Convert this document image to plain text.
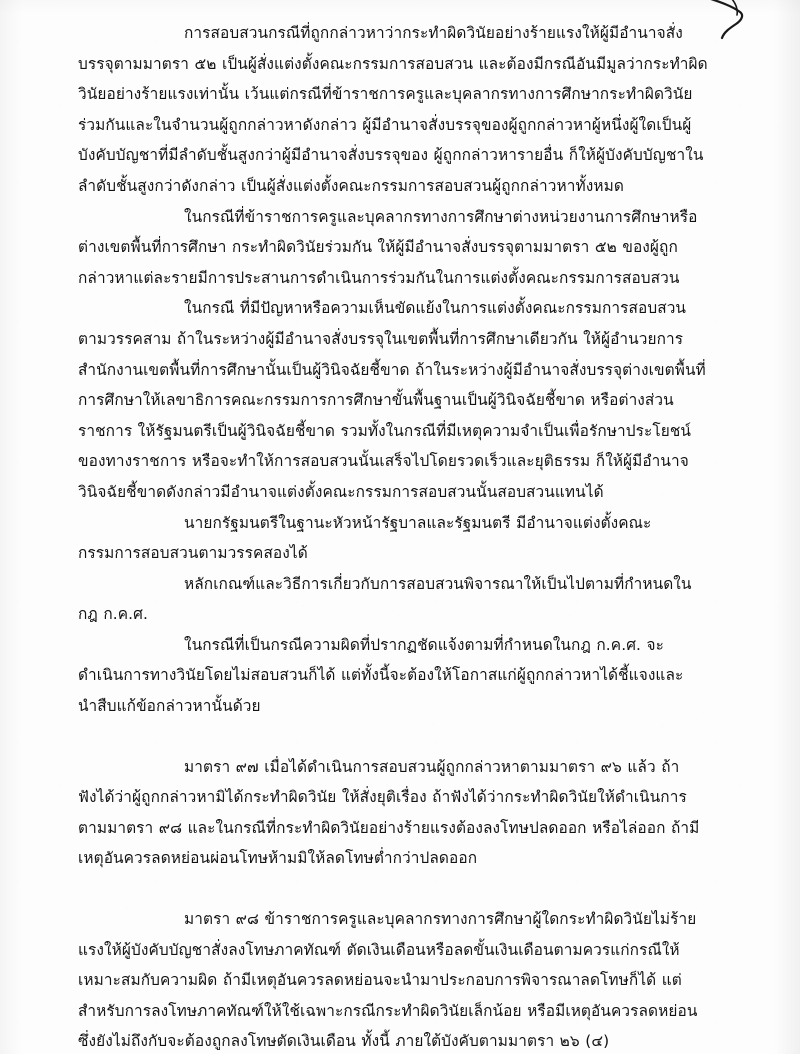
การสอบสวนกรณีที่ถูกกล่าวหาว่ากระทำผิดวินัยอย่างร้ายแรงให้ผู้มีอำนาจสั่งบรรจุตามมาตรา ๕๒ เป็นผู้สั่งแต่งตั้งคณะกรรมการสอบสวน และต้องมีกรณีอันมีมูลว่ากระทำผิดวินัยอย่างร้ายแรงเท่านั้น เว้นแต่กรณีที่ข้าราชการครูและบุคลากรทางการศึกษากระทำผิดวินัยร่วมกันและในจำนวนผู้ถูกกล่าวหาดังกล่าว ผู้มีอำนาจสั่งบรรจุของผู้ถูกกล่าวหาผู้หนึ่งผู้ใดเป็นผู้บังคับบัญชาที่มีลำดับชั้นสูงกว่าผู้มีอำนาจสั่งบรรจุของ ผู้ถูกกล่าวหารายอื่น ก็ให้ผู้บังคับบัญชาในลำดับชั้นสูงกว่าดังกล่าว เป็นผู้สั่งแต่งตั้งคณะกรรมการสอบสวนผู้ถูกกล่าวหาทั้งหมด

ในกรณีที่ข้าราชการครูและบุคลากรทางการศึกษาต่างหน่วยงานการศึกษาหรือต่างเขตพื้นที่การศึกษา กระทำผิดวินัยร่วมกัน ให้ผู้มีอำนาจสั่งบรรจุตามมาตรา ๕๒ ของผู้ถูกกล่าวหาแต่ละรายมีการประสานการดำเนินการร่วมกันในการแต่งตั้งคณะกรรมการสอบสวน

ในกรณี ที่มีปัญหาหรือความเห็นขัดแย้งในการแต่งตั้งคณะกรรมการสอบสวนตามวรรคสาม ถ้าในระหว่างผู้มีอำนาจสั่งบรรจุในเขตพื้นที่การศึกษาเดียวกัน ให้ผู้อำนวยการสำนักงานเขตพื้นที่การศึกษานั้นเป็นผู้วินิจฉัยชี้ขาด ถ้าในระหว่างผู้มีอำนาจสั่งบรรจุต่างเขตพื้นที่การศึกษาให้เลขาธิการคณะกรรมการการศึกษาขั้นพื้นฐานเป็นผู้วินิจฉัยชี้ขาด หรือต่างส่วนราชการ ให้รัฐมนตรีเป็นผู้วินิจฉัยชี้ขาด รวมทั้งในกรณีที่มีเหตุความจำเป็นเพื่อรักษาประโยชน์ของทางราชการ หรือจะทำให้การสอบสวนนั้นเสร็จไปโดยรวดเร็วและยุติธรรม ก็ให้ผู้มีอำนาจวินิจฉัยชี้ขาดดังกล่าวมีอำนาจแต่งตั้งคณะกรรมการสอบสวนนั้นสอบสวนแทนได้

นายกรัฐมนตรีในฐานะหัวหน้ารัฐบาลและรัฐมนตรี มีอำนาจแต่งตั้งคณะกรรมการสอบสวนตามวรรคสองได้

หลักเกณฑ์และวิธีการเกี่ยวกับการสอบสวนพิจารณาให้เป็นไปตามที่กำหนดในกฎ ก.ค.ศ.

ในกรณีที่เป็นกรณีความผิดที่ปรากฏชัดแจ้งตามที่กำหนดในกฎ ก.ค.ศ. จะดำเนินการทางวินัยโดยไม่สอบสวนก็ได้ แต่ทั้งนี้จะต้องให้โอกาสแก่ผู้ถูกกล่าวหาได้ชี้แจงและนำสืบแก้ข้อกล่าวหานั้นด้วย

มาตรา ๙๗ เมื่อได้ดำเนินการสอบสวนผู้ถูกกล่าวหาตามมาตรา ๙๖ แล้ว ถ้าฟังได้ว่าผู้ถูกกล่าวหามิได้กระทำผิดวินัย ให้สั่งยุติเรื่อง ถ้าฟังได้ว่ากระทำผิดวินัยให้ดำเนินการตามมาตรา ๙๘ และในกรณีที่กระทำผิดวินัยอย่างร้ายแรงต้องลงโทษปลดออก หรือไล่ออก ถ้ามีเหตุอันควรลดหย่อนผ่อนโทษห้ามมิให้ลดโทษต่ำกว่าปลดออก

มาตรา ๙๘ ข้าราชการครูและบุคลากรทางการศึกษาผู้ใดกระทำผิดวินัยไม่ร้ายแรงให้ผู้บังคับบัญชาสั่งลงโทษภาคทัณฑ์ ตัดเงินเดือนหรือลดขั้นเงินเดือนตามควรแก่กรณีให้เหมาะสมกับความผิด ถ้ามีเหตุอันควรลดหย่อนจะนำมาประกอบการพิจารณาลดโทษก็ได้ แต่สำหรับการลงโทษภาคทัณฑ์ให้ใช้เฉพาะกรณีกระทำผิดวินัยเล็กน้อย หรือมีเหตุอันควรลดหย่อนซึ่งยังไม่ถึงกับจะต้องถูกลงโทษตัดเงินเดือน ทั้งนี้ ภายใต้บังคับตามมาตรา ๒๖ (๔)
